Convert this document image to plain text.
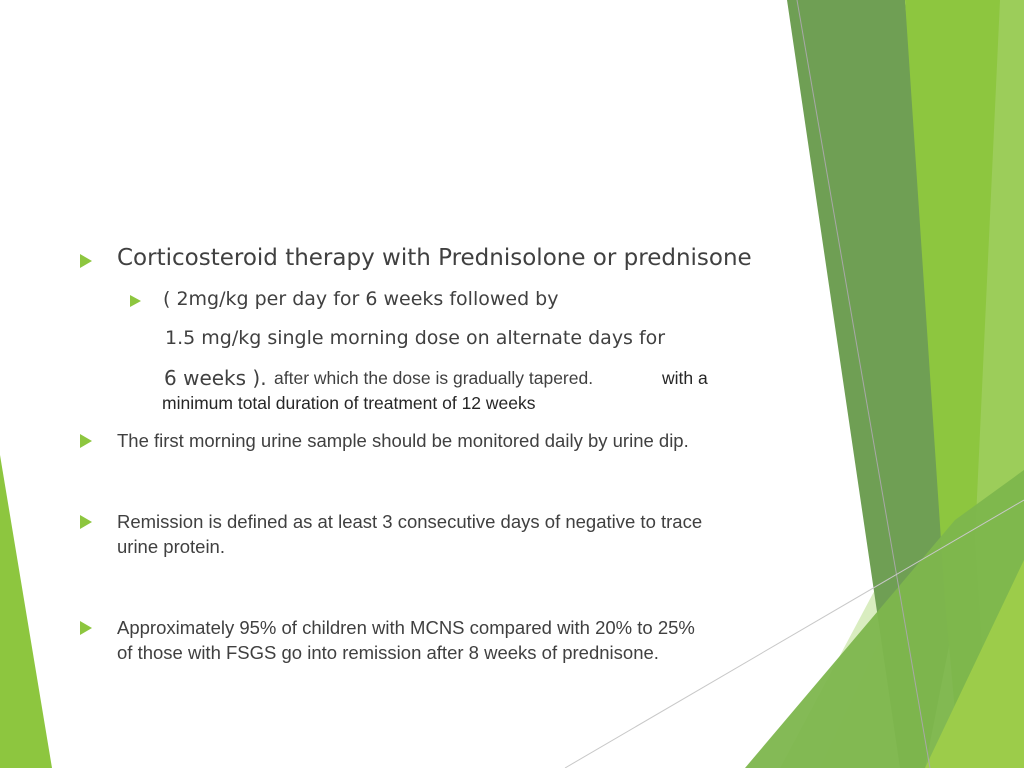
Corticosteroid therapy with Prednisolone or prednisone
( 2mg/kg per day for 6 weeks followed by
1.5 mg/kg single morning dose on alternate days for
6 weeks ). after which the dose is gradually tapered.	with a
minimum total duration of treatment of 12 weeks
The first morning urine sample should be monitored daily by urine dip.
Remission is defined as at least 3 consecutive days of negative to trace
urine protein.
Approximately 95% of children with MCNS compared with 20% to 25%
of those with FSGS go into remission after 8 weeks of prednisone.
